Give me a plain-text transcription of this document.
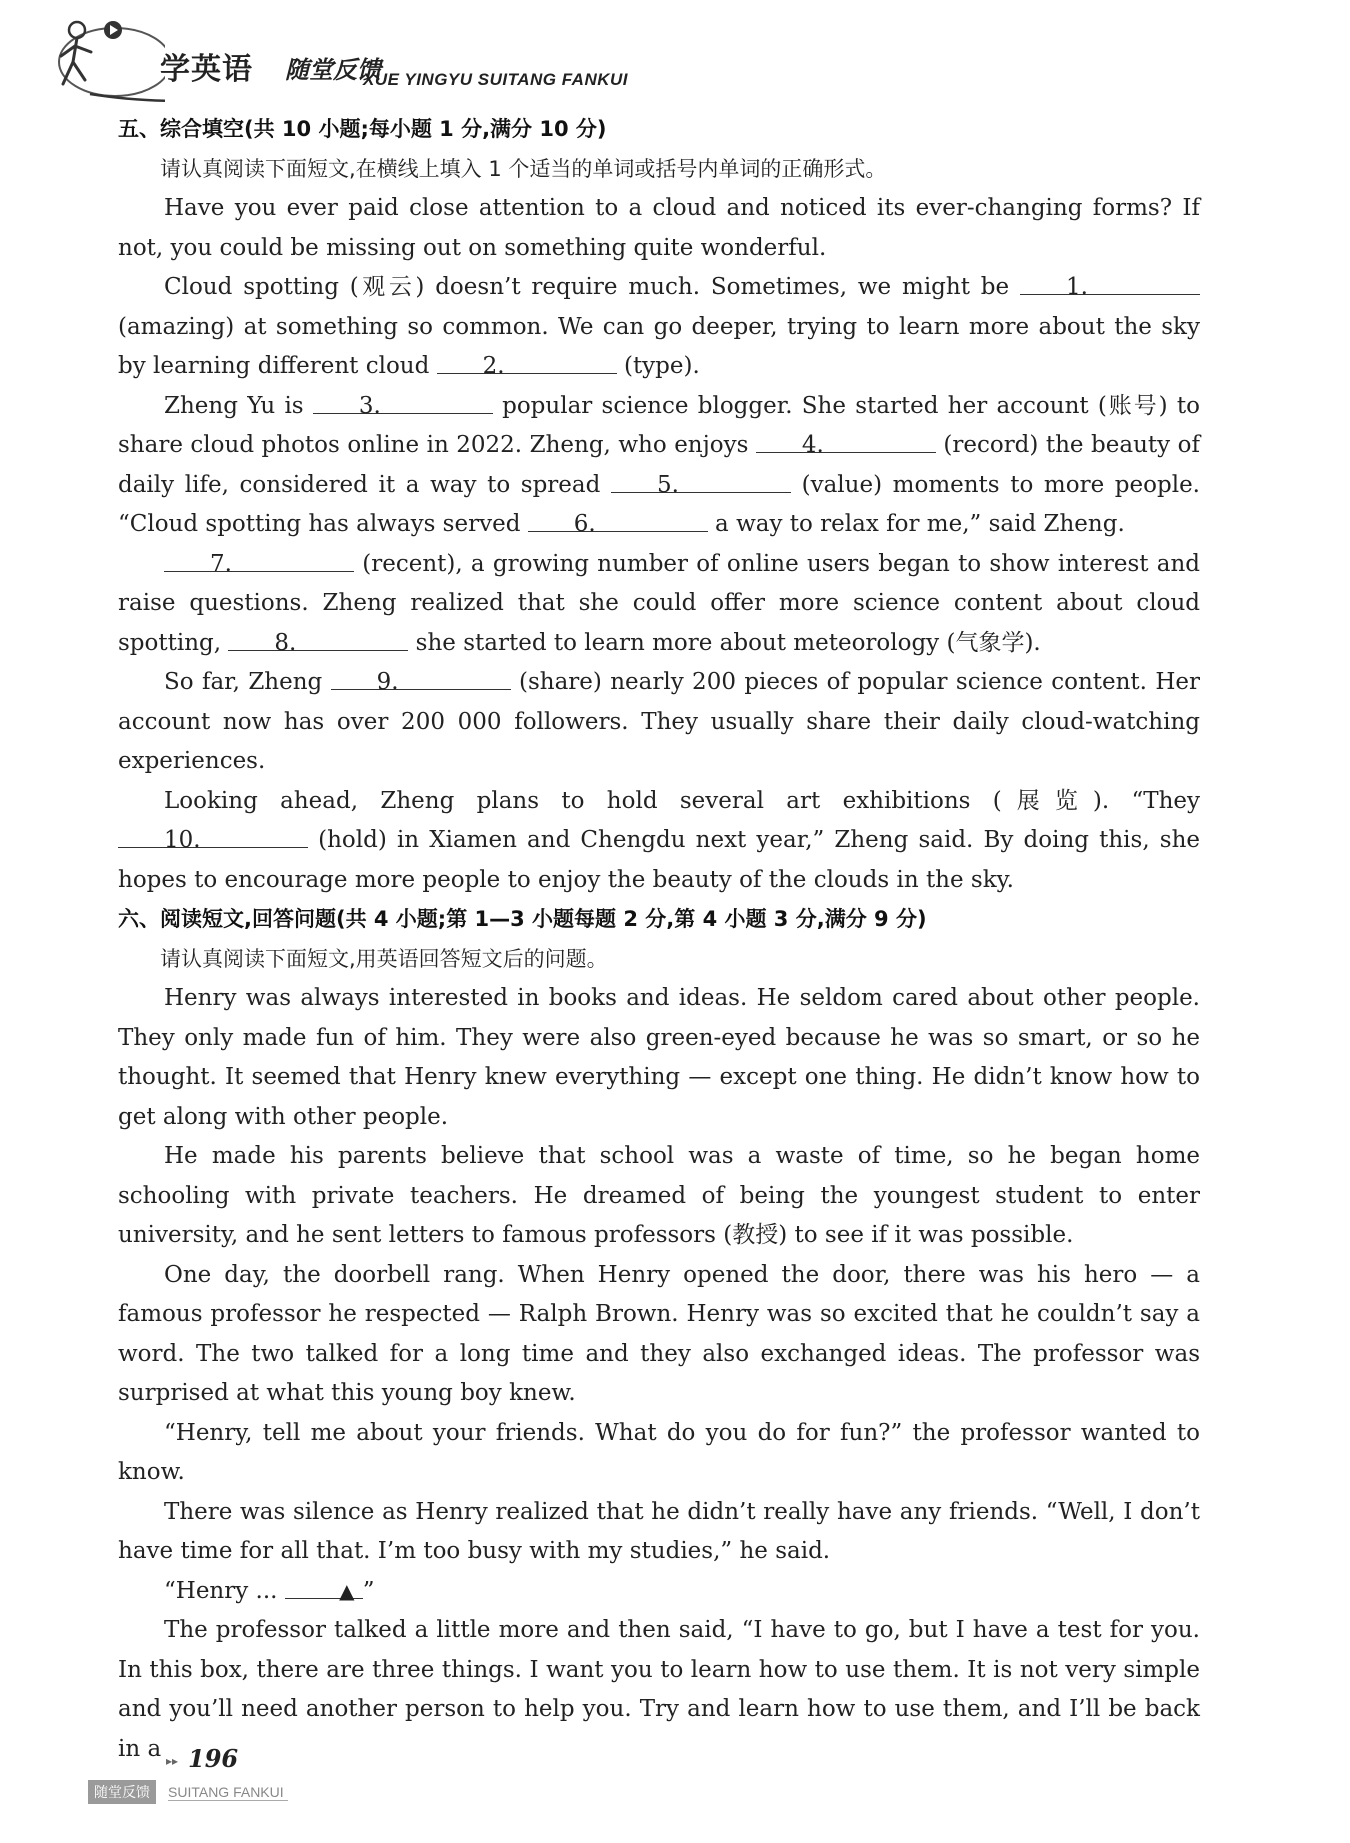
学英语 随堂反馈
XUE YINGYU SUITANG FANKUI

五、综合填空(共 10 小题;每小题 1 分,满分 10 分)

请认真阅读下面短文,在横线上填入 1 个适当的单词或括号内单词的正确形式。

Have you ever paid close attention to a cloud and noticed its ever-changing forms? If not, you could be missing out on something quite wonderful.

Cloud spotting (观云) doesn’t require much. Sometimes, we might be 1. (amazing) at something so common. We can go deeper, trying to learn more about the sky by learning different cloud 2.	(type).

Zheng Yu is 3.	popular science blogger. She started her account (账号) to share cloud photos online in 2022. Zheng, who enjoys 4.	(record) the beauty of daily life, considered it a way to spread 5.	(value) moments to more people. “Cloud spotting has always served 6.	a way to relax for me,” said Zheng.

7.	(recent), a growing number of online users began to show interest and raise questions. Zheng realized that she could offer more science content about cloud spotting, 8.	she started to learn more about meteorology (气象学).

So far, Zheng 9.	(share) nearly 200 pieces of popular science content. Her account now has over 200 000 followers. They usually share their daily cloud-watching experiences.

Looking ahead, Zheng plans to hold several art exhibitions (展览). “They 10.	(hold) in Xiamen and Chengdu next year,” Zheng said. By doing this, she hopes to encourage more people to enjoy the beauty of the clouds in the sky.

六、阅读短文,回答问题(共 4 小题;第 1—3 小题每题 2 分,第 4 小题 3 分,满分 9 分)

请认真阅读下面短文,用英语回答短文后的问题。

Henry was always interested in books and ideas. He seldom cared about other people. They only made fun of him. They were also green-eyed because he was so smart, or so he thought. It seemed that Henry knew everything — except one thing. He didn’t know how to get along with other people.

He made his parents believe that school was a waste of time, so he began home schooling with private teachers. He dreamed of being the youngest student to enter university, and he sent letters to famous professors (教授) to see if it was possible.

One day, the doorbell rang. When Henry opened the door, there was his hero — a famous professor he respected — Ralph Brown. Henry was so excited that he couldn’t say a word. The two talked for a long time and they also exchanged ideas. The professor was surprised at what this young boy knew.

“Henry, tell me about your friends. What do you do for fun?” the professor wanted to know.

There was silence as Henry realized that he didn’t really have any friends. “Well, I don’t have time for all that. I’m too busy with my studies,” he said.

“Henry ...	▲ ”

The professor talked a little more and then said, “I have to go, but I have a test for you. In this box, there are three things. I want you to learn how to use them. It is not very simple and you’ll need another person to help you. Try and learn how to use them, and I’ll be back in a ▸▸ 196
随堂反馈	SUITANG FANKUI
